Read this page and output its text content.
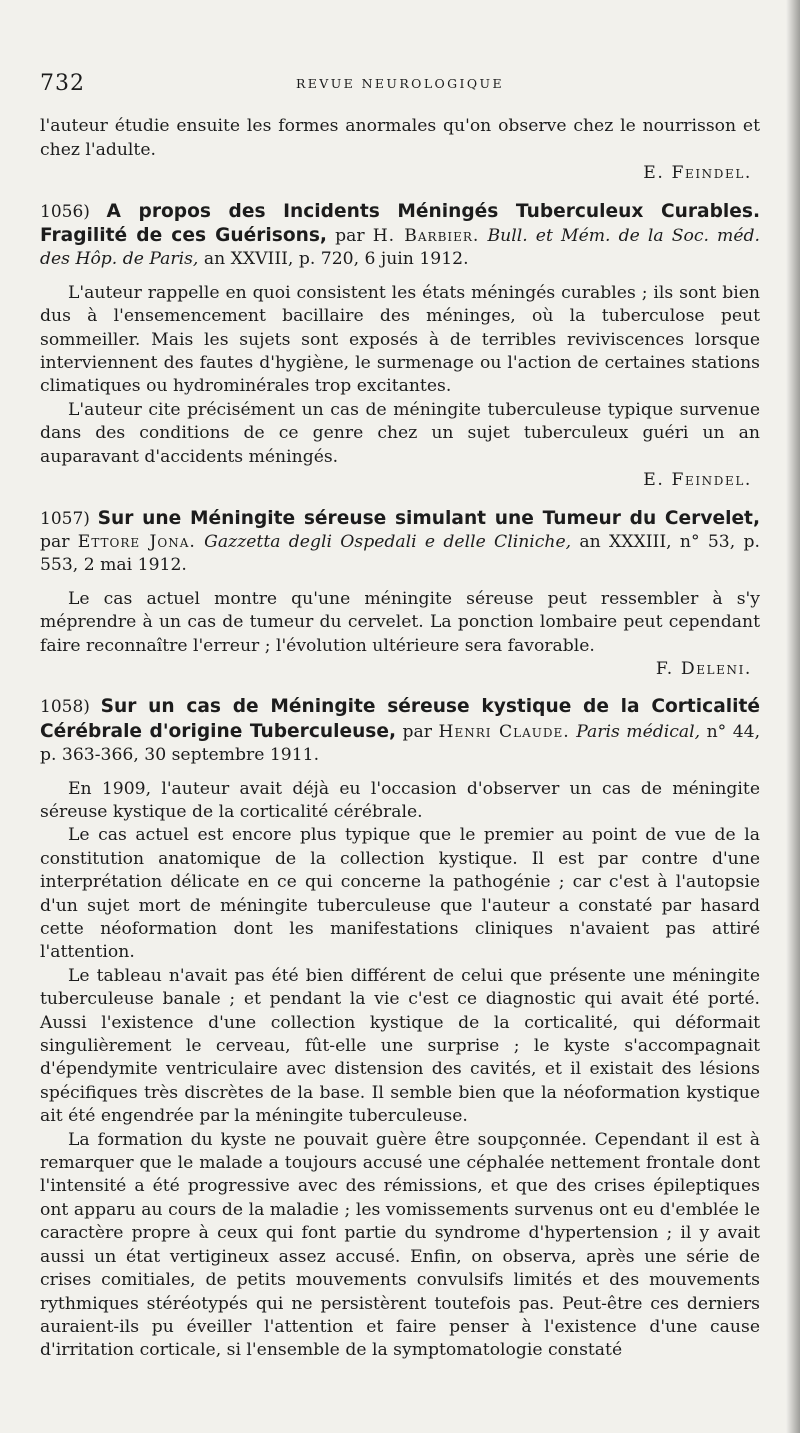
732	REVUE NEUROLOGIQUE

l'auteur étudie ensuite les formes anormales qu'on observe chez le nourrisson et chez l'adulte.

E. Feindel.

1056) A propos des Incidents Méningés Tuberculeux Curables. Fragilité de ces Guérisons, par H. Barbier. Bull. et Mém. de la Soc. méd. des Hôp. de Paris, an XXVIII, p. 720, 6 juin 1912.

L'auteur rappelle en quoi consistent les états méningés curables ; ils sont bien dus à l'ensemencement bacillaire des méninges, où la tuberculose peut sommeiller. Mais les sujets sont exposés à de terribles reviviscences lorsque interviennent des fautes d'hygiène, le surmenage ou l'action de certaines stations climatiques ou hydrominérales trop excitantes.

L'auteur cite précisément un cas de méningite tuberculeuse typique survenue dans des conditions de ce genre chez un sujet tuberculeux guéri un an auparavant d'accidents méningés.

E. Feindel.

1057) Sur une Méningite séreuse simulant une Tumeur du Cervelet, par Ettore Jona. Gazzetta degli Ospedali e delle Cliniche, an XXXIII, n° 53, p. 553, 2 mai 1912.

Le cas actuel montre qu'une méningite séreuse peut ressembler à s'y méprendre à un cas de tumeur du cervelet. La ponction lombaire peut cependant faire reconnaître l'erreur ; l'évolution ultérieure sera favorable.

F. Deleni.

1058) Sur un cas de Méningite séreuse kystique de la Corticalité Cérébrale d'origine Tuberculeuse, par Henri Claude. Paris médical, n° 44, p. 363-366, 30 septembre 1911.

En 1909, l'auteur avait déjà eu l'occasion d'observer un cas de méningite séreuse kystique de la corticalité cérébrale.

Le cas actuel est encore plus typique que le premier au point de vue de la constitution anatomique de la collection kystique. Il est par contre d'une interprétation délicate en ce qui concerne la pathogénie ; car c'est à l'autopsie d'un sujet mort de méningite tuberculeuse que l'auteur a constaté par hasard cette néoformation dont les manifestations cliniques n'avaient pas attiré l'attention.

Le tableau n'avait pas été bien différent de celui que présente une méningite tuberculeuse banale ; et pendant la vie c'est ce diagnostic qui avait été porté. Aussi l'existence d'une collection kystique de la corticalité, qui déformait singulièrement le cerveau, fût-elle une surprise ; le kyste s'accompagnait d'épendymite ventriculaire avec distension des cavités, et il existait des lésions spécifiques très discrètes de la base. Il semble bien que la néoformation kystique ait été engendrée par la méningite tuberculeuse.

La formation du kyste ne pouvait guère être soupçonnée. Cependant il est à remarquer que le malade a toujours accusé une céphalée nettement frontale dont l'intensité a été progressive avec des rémissions, et que des crises épileptiques ont apparu au cours de la maladie ; les vomissements survenus ont eu d'emblée le caractère propre à ceux qui font partie du syndrome d'hypertension ; il y avait aussi un état vertigineux assez accusé. Enfin, on observa, après une série de crises comitiales, de petits mouvements convulsifs limités et des mouvements rythmiques stéréotypés qui ne persistèrent toutefois pas. Peut-être ces derniers auraient-ils pu éveiller l'attention et faire penser à l'existence d'une cause d'irritation corticale, si l'ensemble de la symptomatologie constaté
